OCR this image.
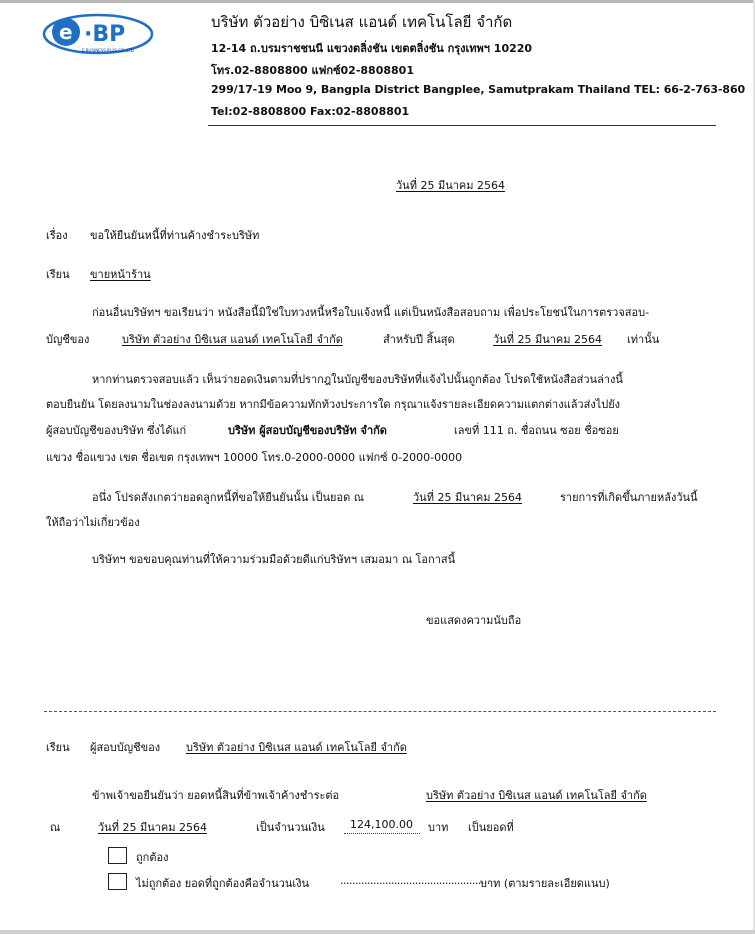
e ·BP
E BUSINESS PLUS CO.,LTD
บริษัท ตัวอย่าง บิซิเนส แอนด์ เทคโนโลยี จำกัด
12-14 ถ.บรมราชชนนี แขวงตลิ่งชัน เขตตลิ่งชัน กรุงเทพฯ 10220
โทร.02-8808800 แฟกซ์02-8808801
299/17-19 Moo 9, Bangpla District Bangplee, Samutprakam Thailand TEL: 66-2-763-860
Tel:02-8808800 Fax:02-8808801
วันที่ 25 มีนาคม 2564
เรื่อง ขอให้ยืนยันหนี้ที่ท่านค้างชำระบริษัท
เรียน ขายหน้าร้าน
ก่อนอื่นบริษัทฯ ขอเรียนว่า หนังสือนี้มิใช่ใบทวงหนี้หรือใบแจ้งหนี้ แต่เป็นหนังสือสอบถาม เพื่อประโยชน์ในการตรวจสอบ-
บัญชีของ	บริษัท ตัวอย่าง บิซิเนส แอนด์ เทคโนโลยี จำกัด	สำหรับปี สิ้นสุด	วันที่ 25 มีนาคม 2564 เท่านั้น
หากท่านตรวจสอบแล้ว เห็นว่ายอดเงินตามที่ปรากฎในบัญชีของบริษัทที่แจ้งไปนั้นถูกต้อง โปรดใช้หนังสือส่วนล่างนี้
ตอบยืนยัน โดยลงนามในช่องลงนามด้วย หากมีข้อความทักท้วงประการใด กรุณาแจ้งรายละเอียดความแตกต่างแล้วส่งไปยัง
ผู้สอบบัญชีของบริษัท ซึ่งได้แก่	บริษัท ผู้สอบบัญชีของบริษัท จำกัด	เลขที่ 111 ถ. ชื่อถนน ซอย ชื่อซอย
แขวง ชื่อแขวง เขต ชื่อเขต กรุงเทพฯ 10000 โทร.0-2000-0000 แฟกซ์ 0-2000-0000
อนึ่ง โปรดสังเกตว่ายอดลูกหนี้ที่ขอให้ยืนยันนั้น เป็นยอด ณ	วันที่ 25 มีนาคม 2564	รายการที่เกิดขึ้นภายหลังวันนี้
ให้ถือว่าไม่เกี่ยวข้อง
บริษัทฯ ขอขอบคุณท่านที่ให้ความร่วมมือด้วยดีแก่บริษัทฯ เสมอมา ณ โอกาสนี้
ขอแสดงความนับถือ
เรียน ผู้สอบบัญชีของ บริษัท ตัวอย่าง บิซิเนส แอนด์ เทคโนโลยี จำกัด
ข้าพเจ้าขอยืนยันว่า ยอดหนี้สินที่ข้าพเจ้าค้างชำระต่อ	บริษัท ตัวอย่าง บิซิเนส แอนด์ เทคโนโลยี จำกัด
ณ	วันที่ 25 มีนาคม 2564	เป็นจำนวนเงิน 124,100.00 บาท เป็นยอดที่
ถูกต้อง
ไม่ถูกต้อง ยอดที่ถูกต้องคือจำนวนเงิน	..................................................
บาท (ตามรายละเอียดแนบ)
